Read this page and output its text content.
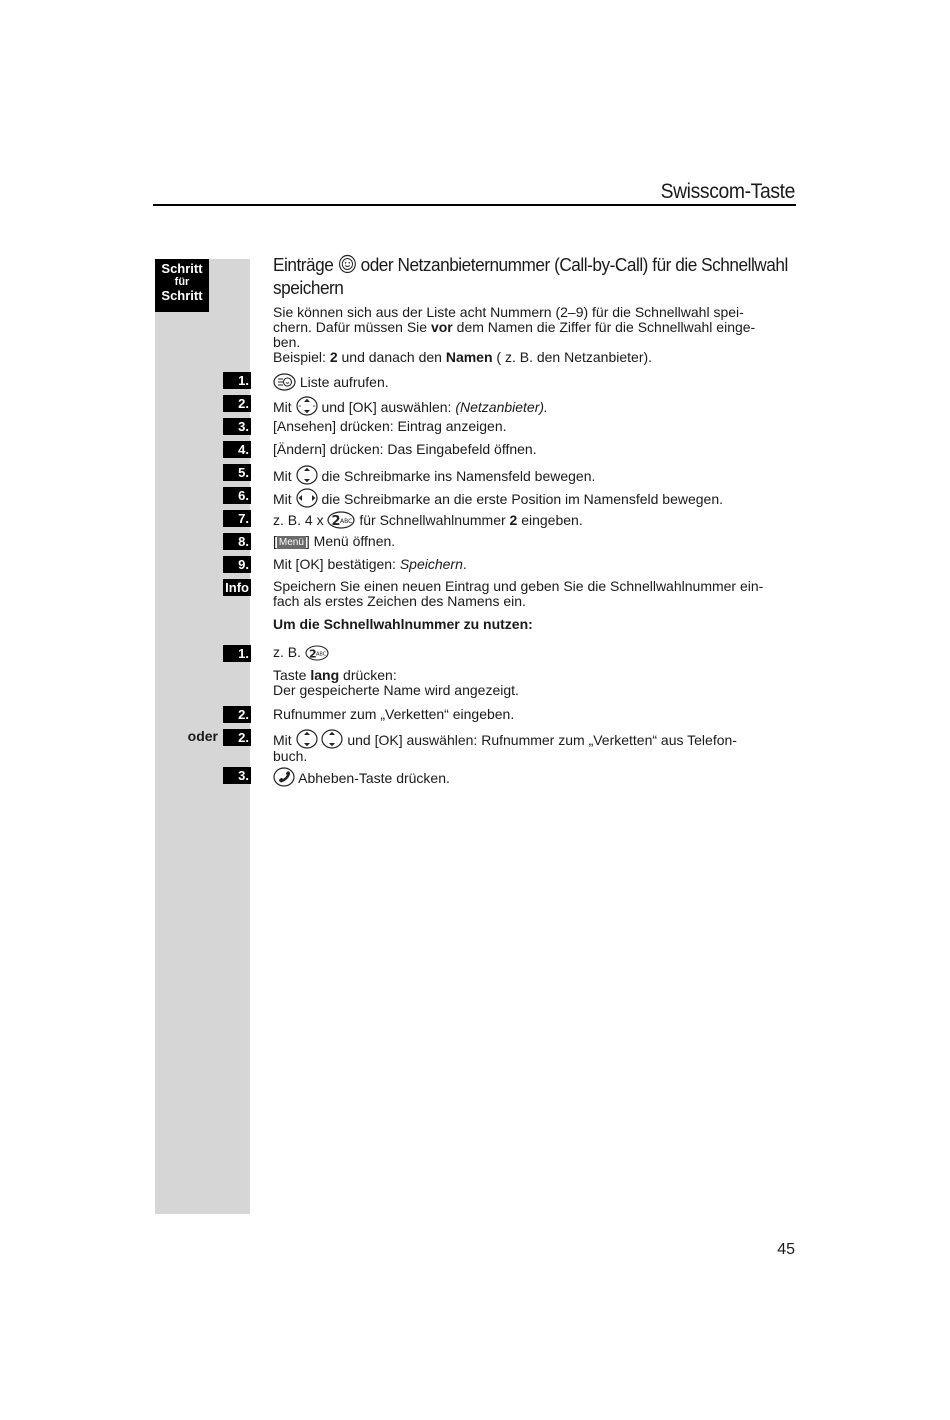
Swisscom-Taste
Schritt
für
Schritt
Einträge oder Netzanbieternummer (Call-by-Call) für die Schnellwahl
speichern
Sie können sich aus der Liste acht Nummern (2–9) für die Schnellwahl spei-
chern. Dafür müssen Sie vor dem Namen die Ziffer für die Schnellwahl einge-
ben.
Beispiel: 2 und danach den Namen ( z. B. den Netzanbieter).
1.
2.
3.
4.
5.
6.
7.
8.
9.
Info
Liste aufrufen.
Mit und [OK] auswählen: (Netzanbieter).
[Ansehen] drücken: Eintrag anzeigen.
[Ändern] drücken: Das Eingabefeld öffnen.
Mit die Schreibmarke ins Namensfeld bewegen.
Mit die Schreibmarke an die erste Position im Namensfeld bewegen.
z. B. 4 x 2 ABC für Schnellwahlnummer 2 eingeben.
[ Menü ] Menü öffnen.
Mit [OK] bestätigen: Speichern.
Speichern Sie einen neuen Eintrag und geben Sie die Schnellwahlnummer ein-
fach als erstes Zeichen des Namens ein.
Um die Schnellwahlnummer zu nutzen:
1.
2.
oder	2.
3.
z. B. 2 ABC
Taste lang drücken:
Der gespeicherte Name wird angezeigt.
Rufnummer zum „Verketten“ eingeben.
Mit	und [OK] auswählen: Rufnummer zum „Verketten“ aus Telefon-
buch.
Abheben-Taste drücken.
45
